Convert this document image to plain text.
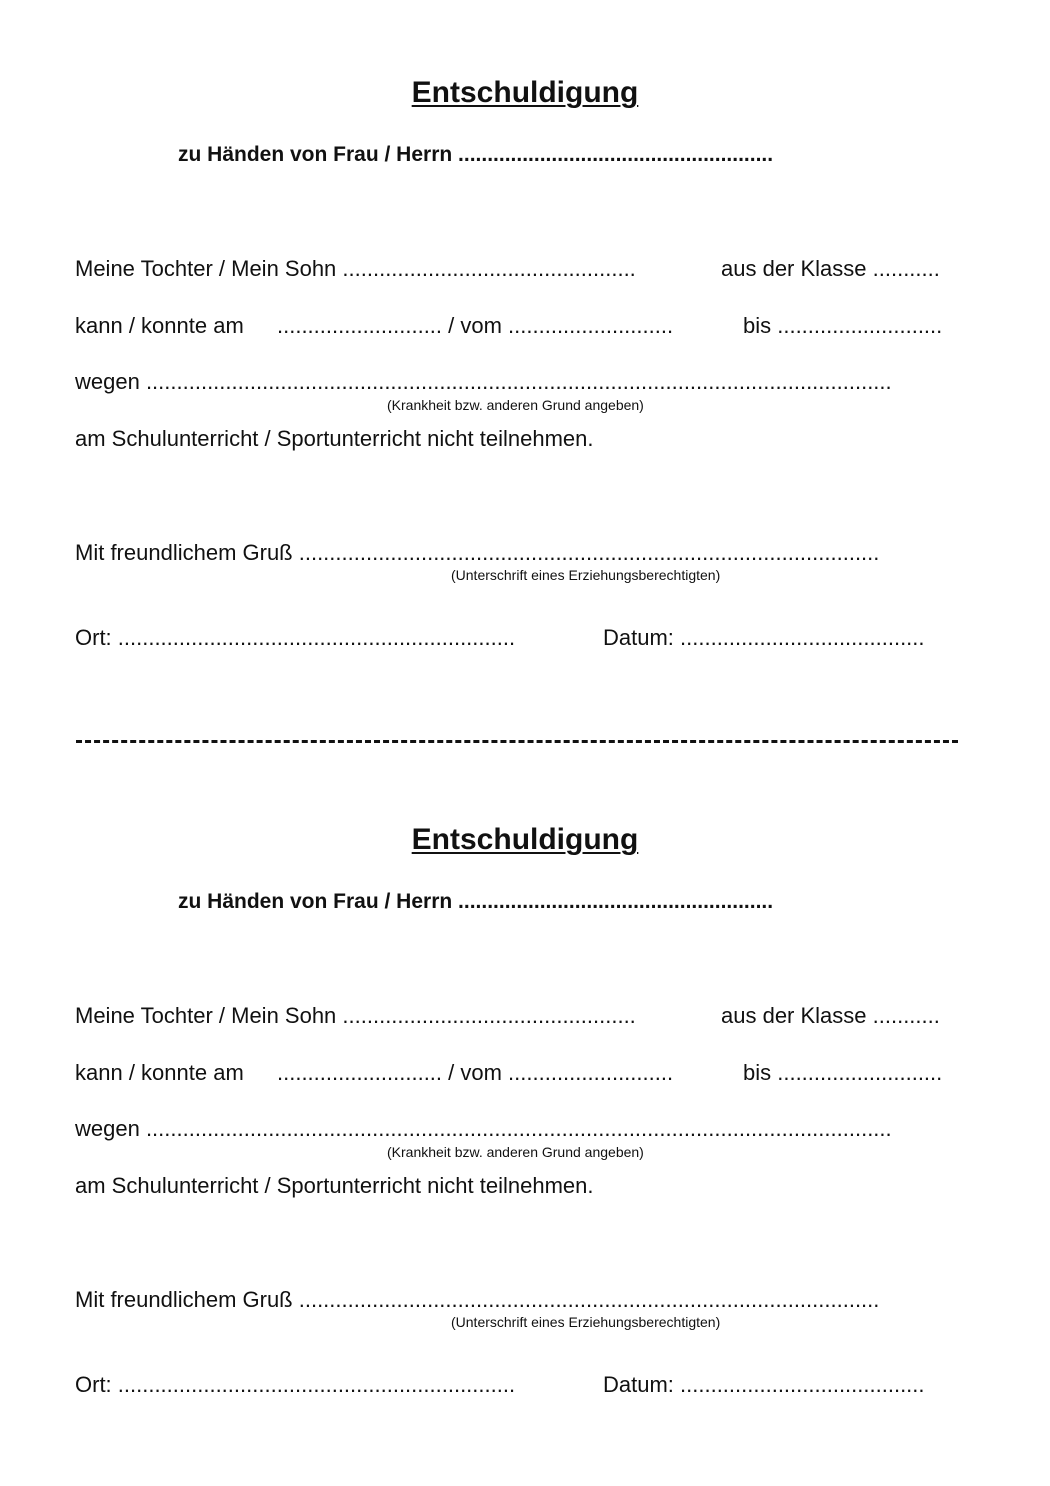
Entschuldigung
zu Händen von Frau / Herrn ......................................................
Meine Tochter / Mein Sohn ................................................	aus der Klasse ...........
kann / konnte am ........................... / vom ...........................	bis ...........................
wegen ..........................................................................................................................
(Krankheit bzw. anderen Grund angeben)
am Schulunterricht / Sportunterricht nicht teilnehmen.
Mit freundlichem Gruß ...............................................................................................
(Unterschrift eines Erziehungsberechtigten)
Ort: .................................................................	Datum: ........................................
Entschuldigung
zu Händen von Frau / Herrn ......................................................
Meine Tochter / Mein Sohn ................................................	aus der Klasse ...........
kann / konnte am ........................... / vom ...........................	bis ...........................
wegen ..........................................................................................................................
(Krankheit bzw. anderen Grund angeben)
am Schulunterricht / Sportunterricht nicht teilnehmen.
Mit freundlichem Gruß ...............................................................................................
(Unterschrift eines Erziehungsberechtigten)
Ort: .................................................................	Datum: ........................................
